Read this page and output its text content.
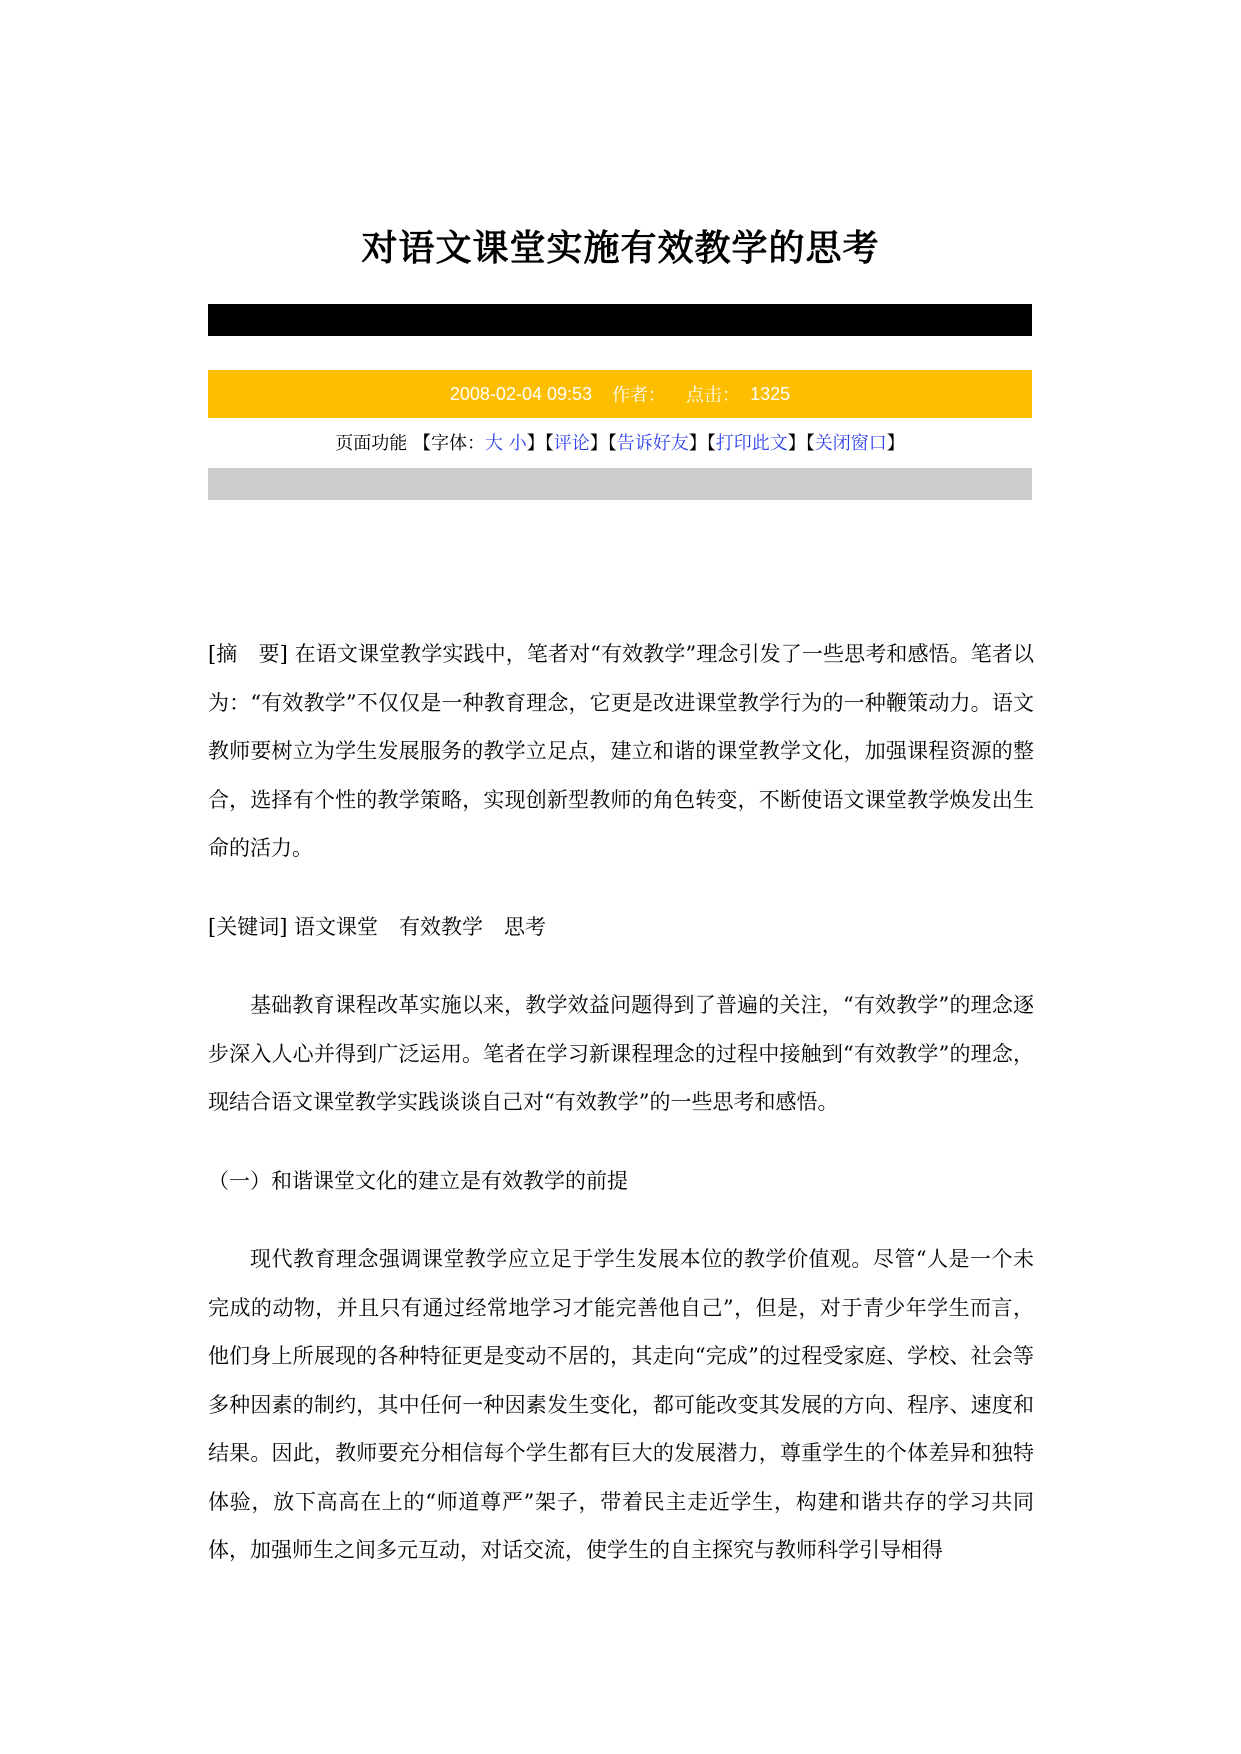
对语文课堂实施有效教学的思考
2008-02-04 09:53
作者：
点击：
1325
页面功能 【字体：大 小】【评论】【告诉好友】【打印此文】【关闭窗口】

[摘　要] 在语文课堂教学实践中，笔者对“有效教学”理念引发了一些思考和感悟。笔者以为：“有效教学”不仅仅是一种教育理念，它更是改进课堂教学行为的一种鞭策动力。语文教师要树立为学生发展服务的教学立足点，建立和谐的课堂教学文化，加强课程资源的整合，选择有个性的教学策略，实现创新型教师的角色转变，不断使语文课堂教学焕发出生命的活力。

[关键词] 语文课堂　有效教学　思考

基础教育课程改革实施以来，教学效益问题得到了普遍的关注，“有效教学”的理念逐步深入人心并得到广泛运用。笔者在学习新课程理念的过程中接触到“有效教学”的理念，现结合语文课堂教学实践谈谈自己对“有效教学”的一些思考和感悟。

（一）和谐课堂文化的建立是有效教学的前提

现代教育理念强调课堂教学应立足于学生发展本位的教学价值观。尽管“人是一个未完成的动物，并且只有通过经常地学习才能完善他自己”，但是，对于青少年学生而言，他们身上所展现的各种特征更是变动不居的，其走向“完成”的过程受家庭、学校、社会等多种因素的制约，其中任何一种因素发生变化，都可能改变其发展的方向、程序、速度和结果。因此，教师要充分相信每个学生都有巨大的发展潜力，尊重学生的个体差异和独特体验，放下高高在上的“师道尊严”架子，带着民主走近学生，构建和谐共存的学习共同体，加强师生之间多元互动，对话交流，使学生的自主探究与教师科学引导相得
